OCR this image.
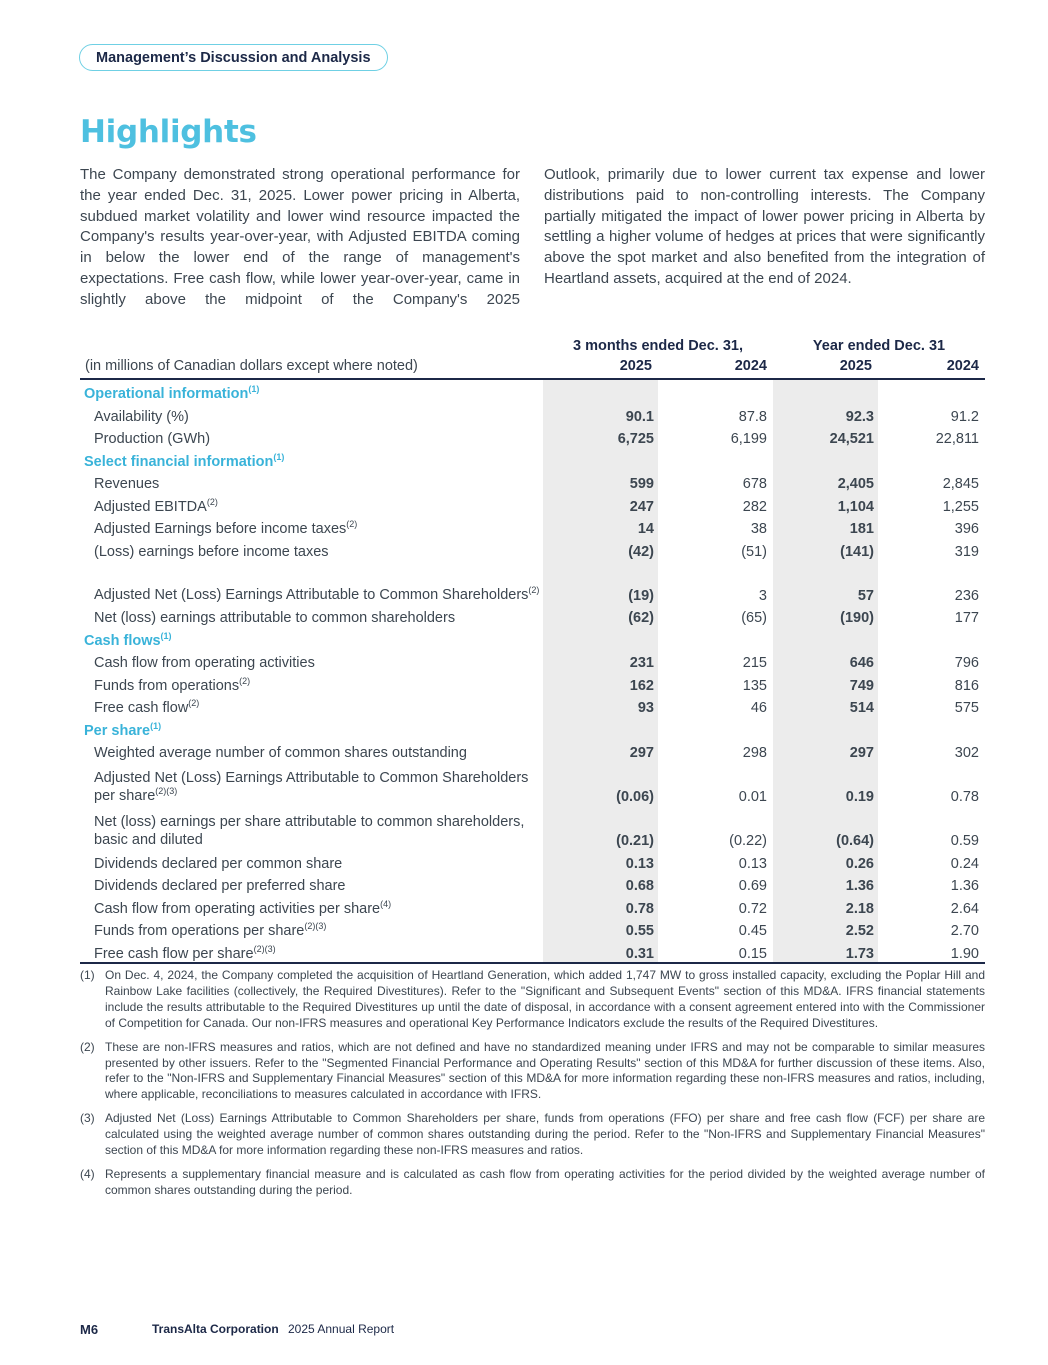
Management’s Discussion and Analysis
Highlights

The Company demonstrated strong operational performance for the year ended Dec. 31, 2025. Lower power pricing in Alberta, subdued market volatility and lower wind resource impacted the Company's results year-over-year, with Adjusted EBITDA coming in below the lower end of the range of management's expectations. Free cash flow, while lower year-over-year, came in slightly above the midpoint of the Company's 2025

Outlook, primarily due to lower current tax expense and lower distributions paid to non-controlling interests. The Company partially mitigated the impact of lower power pricing in Alberta by settling a higher volume of hedges at prices that were significantly above the spot market and also benefited from the integration of Heartland assets, acquired at the end of 2024.

	3 months ended Dec. 31,		Year ended Dec. 31	
(in millions of Canadian dollars except where noted)	2025	2024	2025	2024
Operational information$^{(1)}$				
Availability (%)	90.1	87.8	92.3	91.2
Production (GWh)	6,725	6,199	24,521	22,811
Select financial information$^{(1)}$				
Revenues	599	678	2,405	2,845
Adjusted EBITDA$^{(2)}$	247	282	1,104	1,255
Adjusted Earnings before income taxes$^{(2)}$	14	38	181	396
(Loss) earnings before income taxes	(42)	(51)	(141)	319
Adjusted Net (Loss) Earnings Attributable to Common Shareholders$^{(2)}$	(19)	3	57	236
Net (loss) earnings attributable to common shareholders	(62)	(65)	(190)	177
Cash flows$^{(1)}$				
Cash flow from operating activities	231	215	646	796
Funds from operations$^{(2)}$	162	135	749	816
Free cash flow$^{(2)}$	93	46	514	575
Per share$^{(1)}$				
Weighted average number of common shares outstanding	297	298	297	302
Adjusted Net (Loss) Earnings Attributable to Common Shareholders per share$^{(2)(3)}$	(0.06)	0.01	0.19	0.78
Net (loss) earnings per share attributable to common shareholders, basic and diluted	(0.21)	(0.22)	(0.64)	0.59
Dividends declared per common share	0.13	0.13	0.26	0.24
Dividends declared per preferred share	0.68	0.69	1.36	1.36
Cash flow from operating activities per share$^{(4)}$	0.78	0.72	2.18	2.64
Funds from operations per share$^{(2)(3)}$	0.55	0.45	2.52	2.70
Free cash flow per share$^{(2)(3)}$	0.31	0.15	1.73	1.90
(1) On Dec. 4, 2024, the Company completed the acquisition of Heartland Generation, which added 1,747 MW to gross installed capacity, excluding the Poplar Hill and Rainbow Lake facilities (collectively, the Required Divestitures). Refer to the "Significant and Subsequent Events" section of this MD&A. IFRS financial statements include the results attributable to the Required Divestitures up until the date of disposal, in accordance with a consent agreement entered into with the Commissioner of Competition for Canada. Our non-IFRS measures and operational Key Performance Indicators exclude the results of the Required Divestitures.
(2) These are non-IFRS measures and ratios, which are not defined and have no standardized meaning under IFRS and may not be comparable to similar measures presented by other issuers. Refer to the "Segmented Financial Performance and Operating Results" section of this MD&A for further discussion of these items. Also, refer to the "Non-IFRS and Supplementary Financial Measures" section of this MD&A for more information regarding these non-IFRS measures and ratios, including, where applicable, reconciliations to measures calculated in accordance with IFRS.
(3) Adjusted Net (Loss) Earnings Attributable to Common Shareholders per share, funds from operations (FFO) per share and free cash flow (FCF) per share are calculated using the weighted average number of common shares outstanding during the period. Refer to the "Non-IFRS and Supplementary Financial Measures" section of this MD&A for more information regarding these non-IFRS measures and ratios.
(4) Represents a supplementary financial measure and is calculated as cash flow from operating activities for the period divided by the weighted average number of common shares outstanding during the period.
M6	TransAlta Corporation 2025 Annual Report
